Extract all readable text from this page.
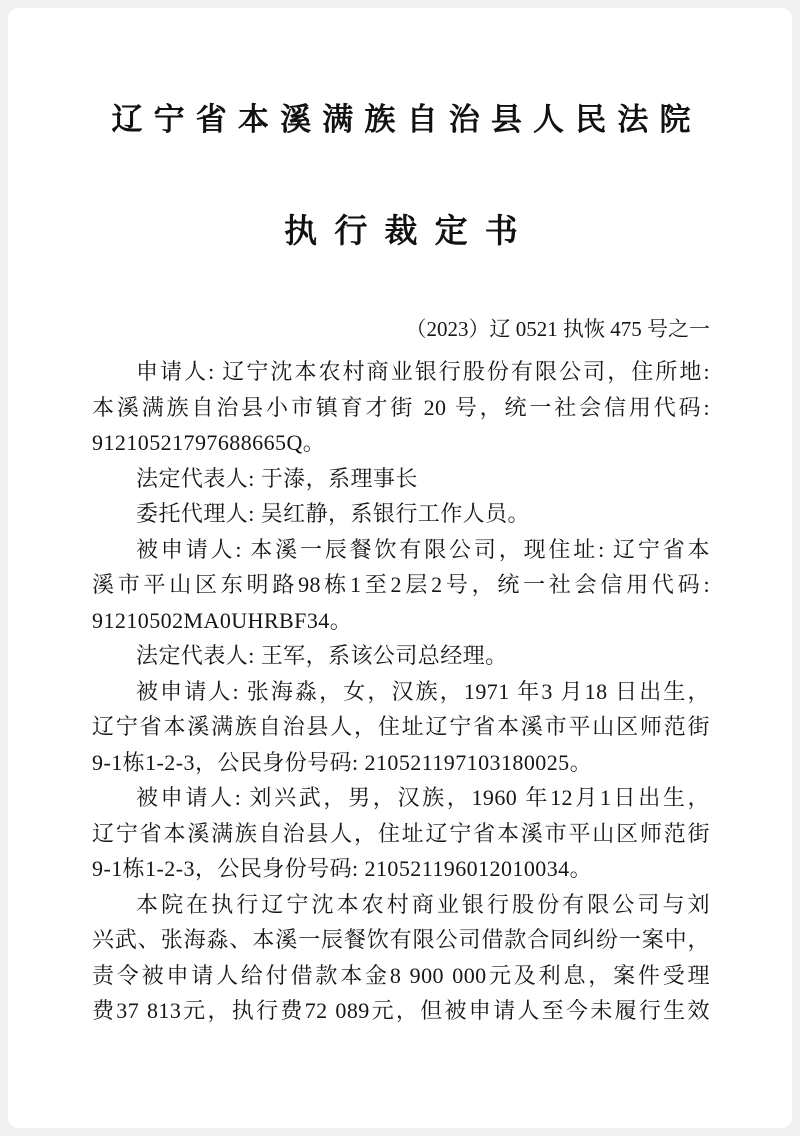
辽宁省本溪满族自治县人民法院
执行裁定书
（2023）辽 0521 执恢 475 号之一
申请人: 辽宁沈本农村商业银行股份有限公司，住所地:
本溪满族自治县小市镇育才街 20 号，统一社会信用代码:
91210521797688665Q。
法定代表人: 于溙，系理事长
委托代理人: 吴红静，系银行工作人员。
被申请人: 本溪一辰餐饮有限公司，现住址: 辽宁省本
溪市平山区东明路98栋1至2层2号，统一社会信用代码:
91210502MA0UHRBF34。
法定代表人: 王军，系该公司总经理。
被申请人: 张海淼，女，汉族，1971 年3 月18 日出生，
辽宁省本溪满族自治县人，住址辽宁省本溪市平山区师范街
9-1栋1-2-3，公民身份号码: 210521197103180025。
被申请人: 刘兴武，男，汉族，1960 年12月1日出生，
辽宁省本溪满族自治县人，住址辽宁省本溪市平山区师范街
9-1栋1-2-3，公民身份号码: 210521196012010034。
本院在执行辽宁沈本农村商业银行股份有限公司与刘
兴武、张海淼、本溪一辰餐饮有限公司借款合同纠纷一案中，
责令被申请人给付借款本金8 900 000元及利息，案件受理
费37 813元，执行费72 089元，但被申请人至今未履行生效
